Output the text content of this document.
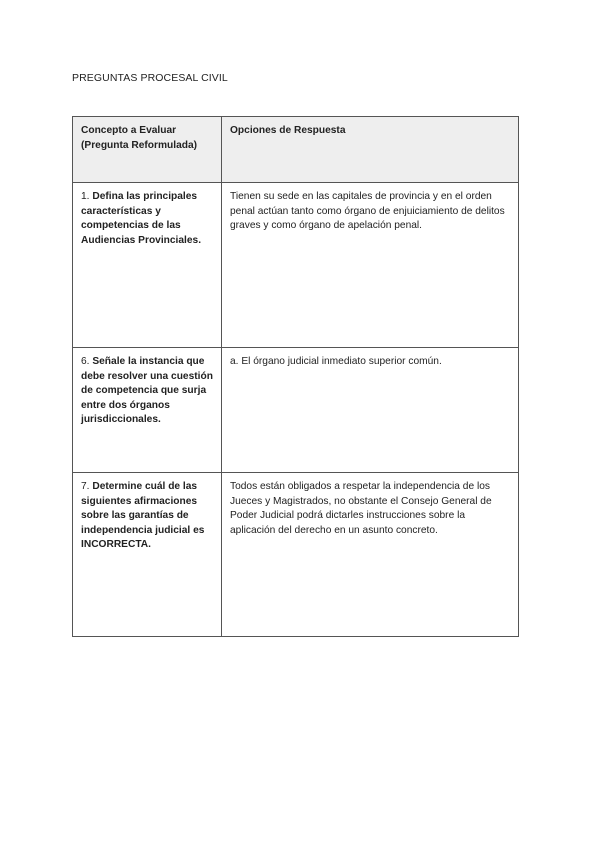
PREGUNTAS PROCESAL CIVIL
Concepto a Evaluar (Pregunta Reformulada)	Opciones de Respuesta
1. Defina las principales características y competencias de las Audiencias Provinciales.	Tienen su sede en las capitales de provincia y en el orden penal actúan tanto como órgano de enjuiciamiento de delitos graves y como órgano de apelación penal.
6. Señale la instancia que debe resolver una cuestión de competencia que surja entre dos órganos jurisdiccionales.	a. El órgano judicial inmediato superior común.
7. Determine cuál de las siguientes afirmaciones sobre las garantías de independencia judicial es INCORRECTA.	Todos están obligados a respetar la independencia de los Jueces y Magistrados, no obstante el Consejo General de Poder Judicial podrá dictarles instrucciones sobre la aplicación del derecho en un asunto concreto.
